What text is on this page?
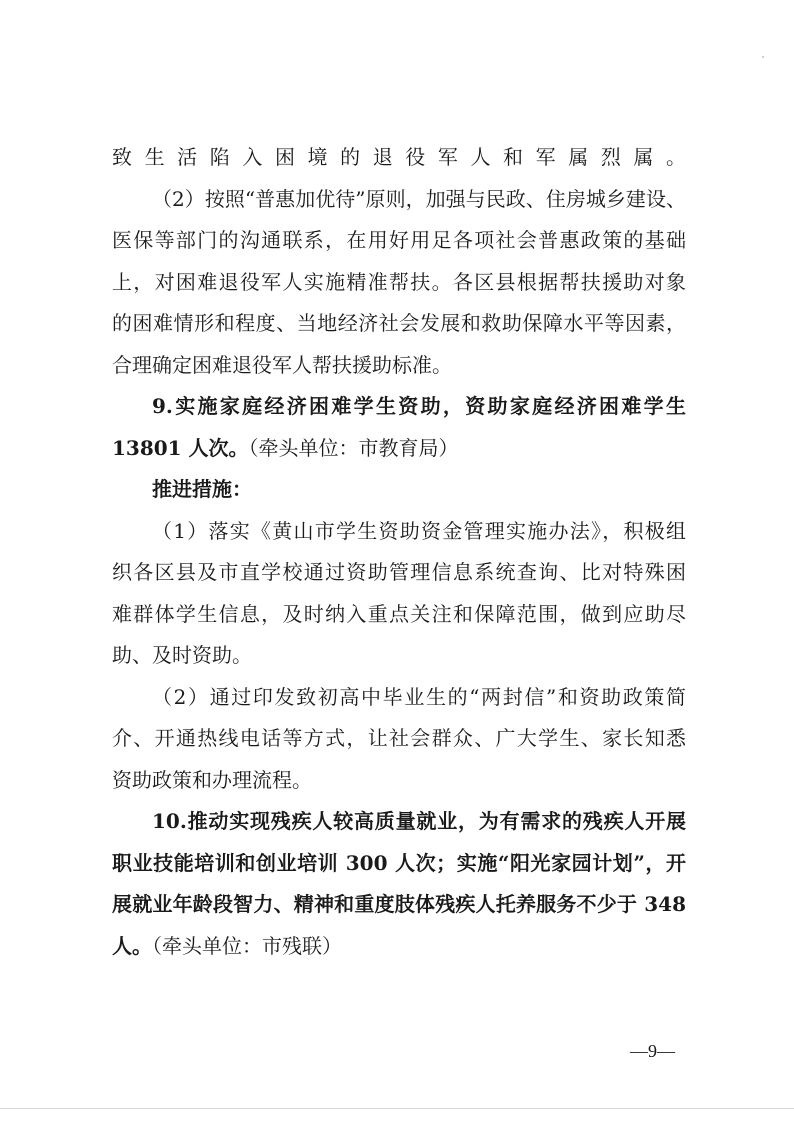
致生活陷入困境的退役军人和军属烈属。
（2）按照“普惠加优待”原则，加强与民政、住房城乡建设、
医保等部门的沟通联系，在用好用足各项社会普惠政策的基础
上，对困难退役军人实施精准帮扶。各区县根据帮扶援助对象
的困难情形和程度、当地经济社会发展和救助保障水平等因素，
合理确定困难退役军人帮扶援助标准。
9.实施家庭经济困难学生资助，资助家庭经济困难学生
13801 人次。（牵头单位：市教育局）
推进措施：
（1）落实《黄山市学生资助资金管理实施办法》，积极组
织各区县及市直学校通过资助管理信息系统查询、比对特殊困
难群体学生信息，及时纳入重点关注和保障范围，做到应助尽
助、及时资助。
（2）通过印发致初高中毕业生的“两封信”和资助政策简
介、开通热线电话等方式，让社会群众、广大学生、家长知悉
资助政策和办理流程。
10.推动实现残疾人较高质量就业，为有需求的残疾人开展
职业技能培训和创业培训 300 人次；实施“阳光家园计划”，开
展就业年龄段智力、精神和重度肢体残疾人托养服务不少于 348
人。（牵头单位：市残联）
—9—
